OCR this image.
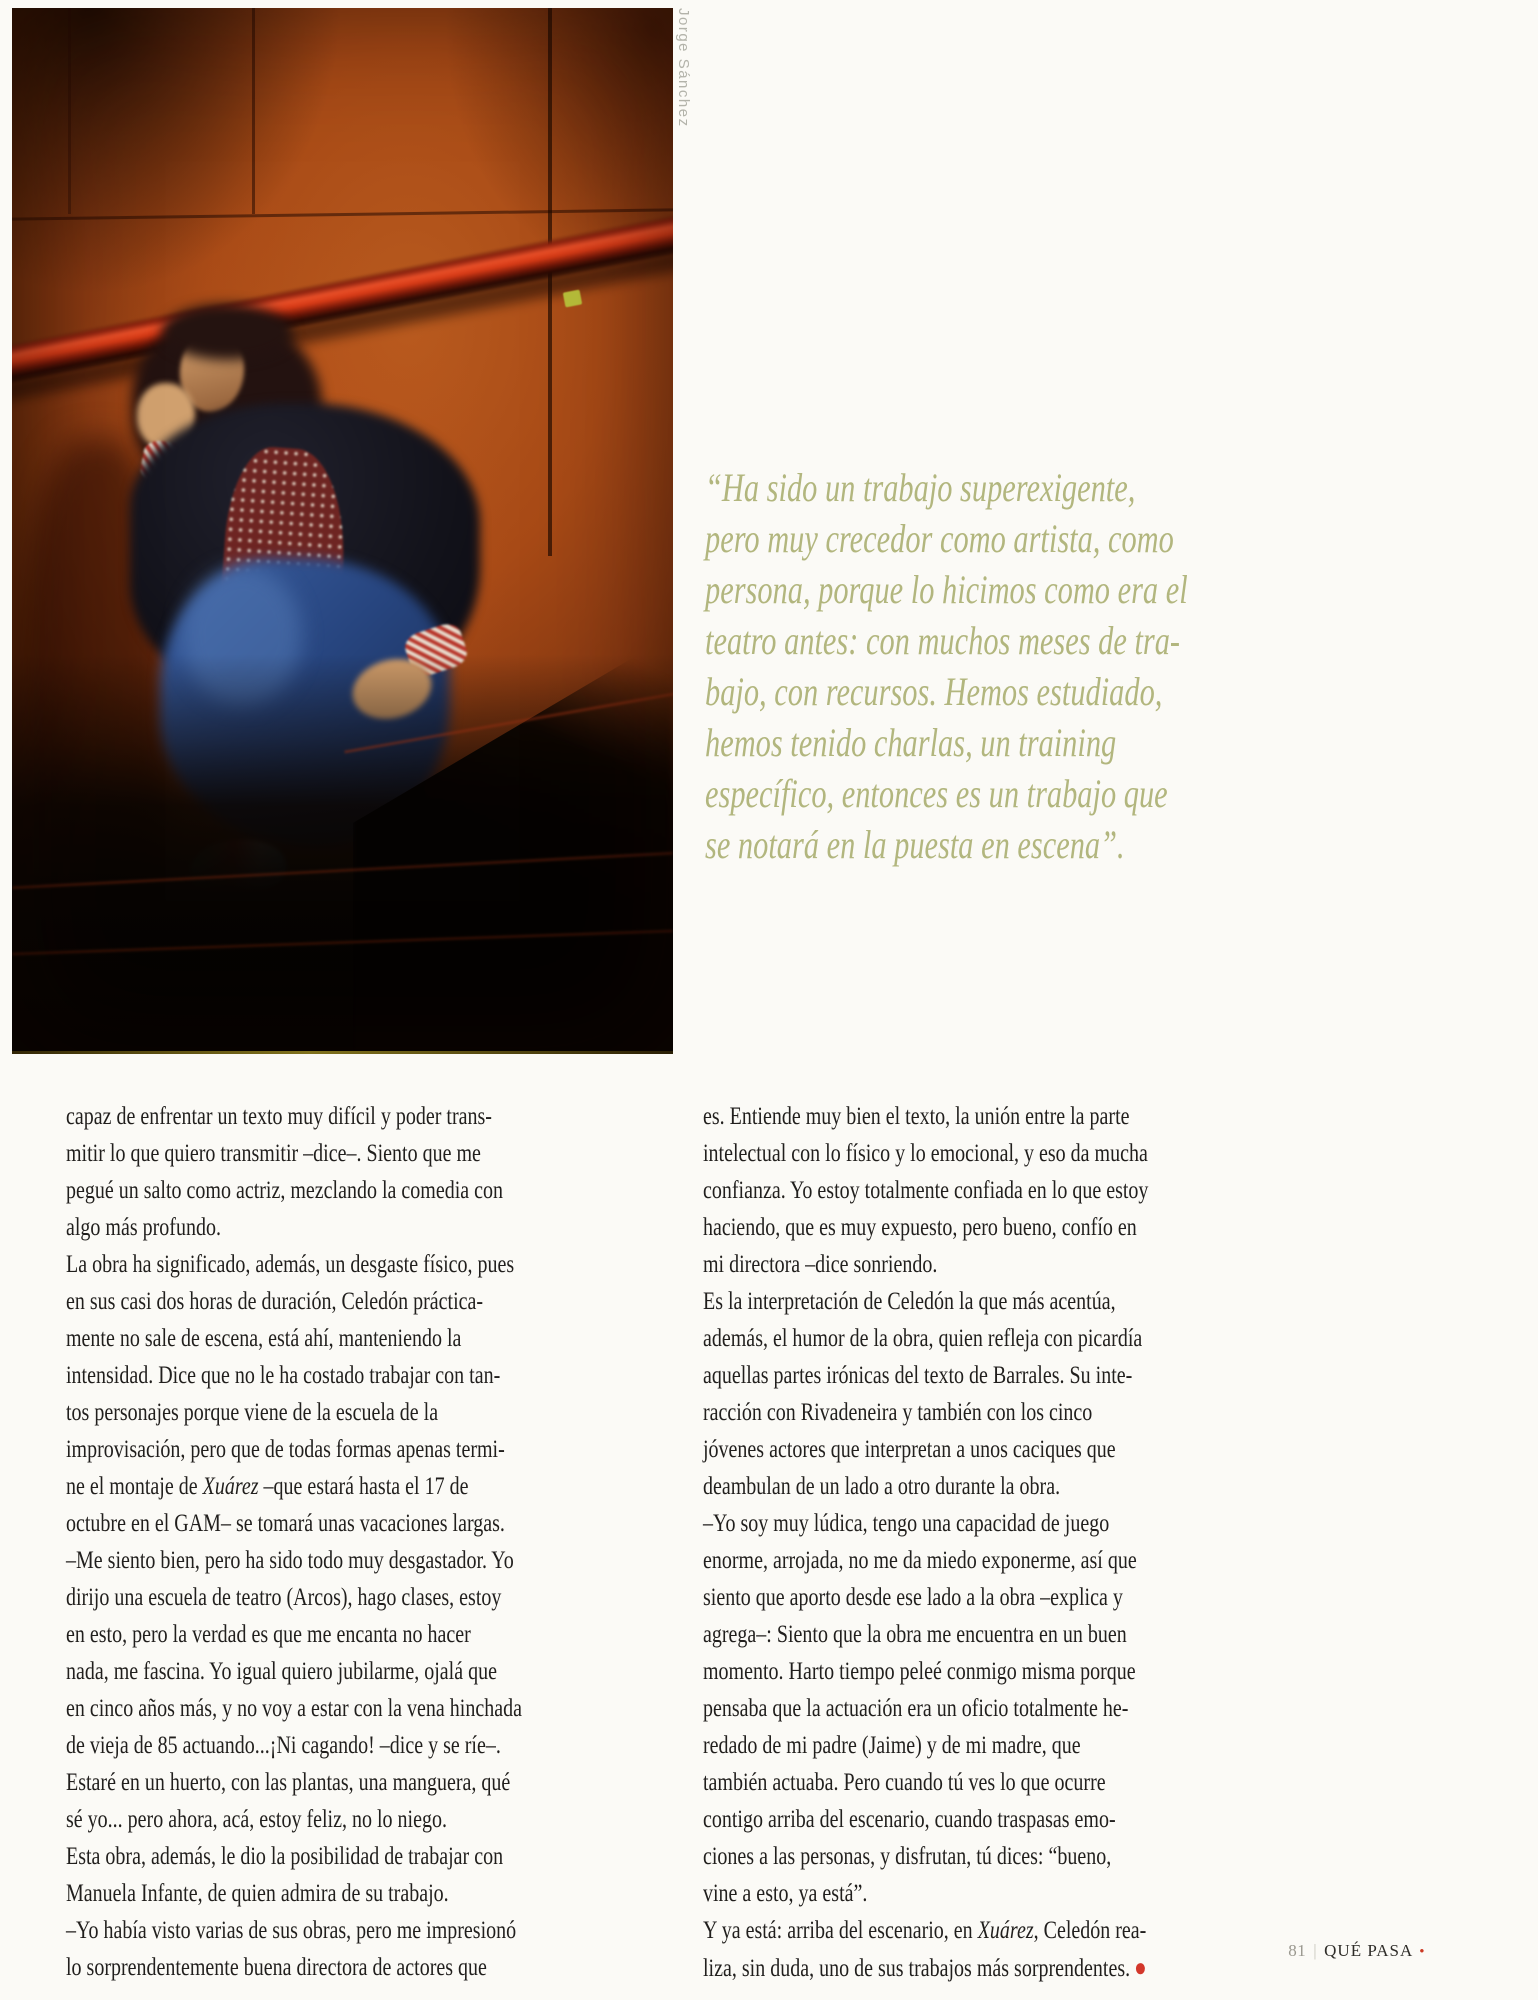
Jorge Sánchez
“Ha sido un trabajo superexigente,
pero muy crecedor como artista, como
persona, porque lo hicimos como era el
teatro antes: con muchos meses de tra-
bajo, con recursos. Hemos estudiado,
hemos tenido charlas, un training
específico, entonces es un trabajo que
se notará en la puesta en escena”.
capaz de enfrentar un texto muy difícil y poder trans-
mitir lo que quiero transmitir –dice–. Siento que me
pegué un salto como actriz, mezclando la comedia con
algo más profundo.
La obra ha significado, además, un desgaste físico, pues
en sus casi dos horas de duración, Celedón práctica-
mente no sale de escena, está ahí, manteniendo la
intensidad. Dice que no le ha costado trabajar con tan-
tos personajes porque viene de la escuela de la
improvisación, pero que de todas formas apenas termi-
ne el montaje de Xuárez –que estará hasta el 17 de
octubre en el GAM– se tomará unas vacaciones largas.
–Me siento bien, pero ha sido todo muy desgastador. Yo
dirijo una escuela de teatro (Arcos), hago clases, estoy
en esto, pero la verdad es que me encanta no hacer
nada, me fascina. Yo igual quiero jubilarme, ojalá que
en cinco años más, y no voy a estar con la vena hinchada
de vieja de 85 actuando...¡Ni cagando! –dice y se ríe–.
Estaré en un huerto, con las plantas, una manguera, qué
sé yo... pero ahora, acá, estoy feliz, no lo niego.
Esta obra, además, le dio la posibilidad de trabajar con
Manuela Infante, de quien admira de su trabajo.
–Yo había visto varias de sus obras, pero me impresionó
lo sorprendentemente buena directora de actores que
es. Entiende muy bien el texto, la unión entre la parte
intelectual con lo físico y lo emocional, y eso da mucha
confianza. Yo estoy totalmente confiada en lo que estoy
haciendo, que es muy expuesto, pero bueno, confío en
mi directora –dice sonriendo.
Es la interpretación de Celedón la que más acentúa,
además, el humor de la obra, quien refleja con picardía
aquellas partes irónicas del texto de Barrales. Su inte-
racción con Rivadeneira y también con los cinco
jóvenes actores que interpretan a unos caciques que
deambulan de un lado a otro durante la obra.
–Yo soy muy lúdica, tengo una capacidad de juego
enorme, arrojada, no me da miedo exponerme, así que
siento que aporto desde ese lado a la obra –explica y
agrega–: Siento que la obra me encuentra en un buen
momento. Harto tiempo peleé conmigo misma porque
pensaba que la actuación era un oficio totalmente he-
redado de mi padre (Jaime) y de mi madre, que
también actuaba. Pero cuando tú ves lo que ocurre
contigo arriba del escenario, cuando traspasas emo-
ciones a las personas, y disfrutan, tú dices: “bueno,
vine a esto, ya está”.
Y ya está: arriba del escenario, en Xuárez, Celedón rea-
liza, sin duda, uno de sus trabajos más sorprendentes. ●
81 | QUÉ PASA •
